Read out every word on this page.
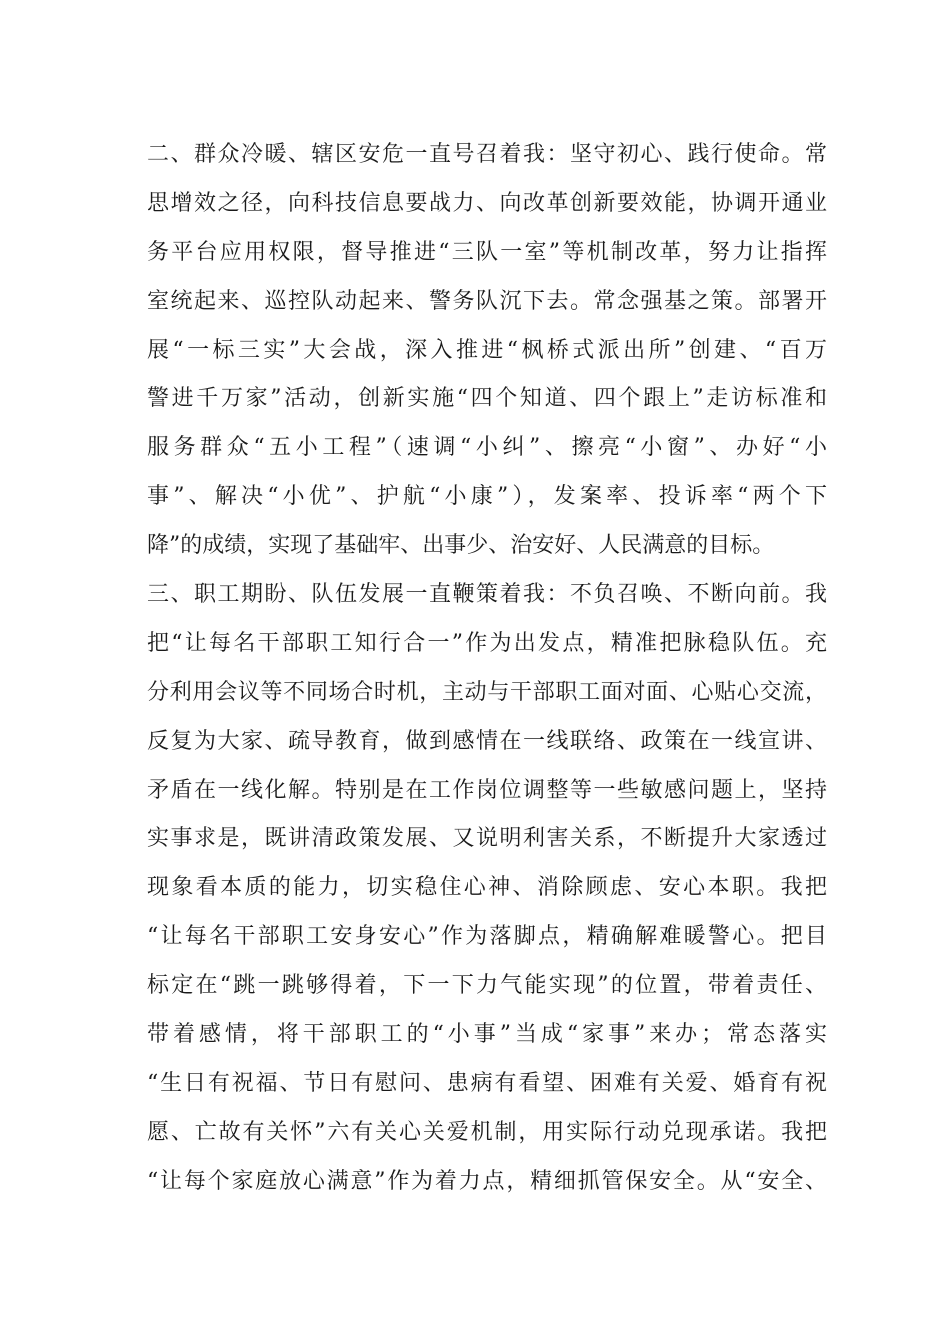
二、群众冷暖、辖区安危一直号召着我：坚守初心、践行使命。常
思增效之径，向科技信息要战力、向改革创新要效能，协调开通业
务平台应用权限，督导推进“三队一室”等机制改革，努力让指挥
室统起来、巡控队动起来、警务队沉下去。常念强基之策。部署开
展“一标三实”大会战，深入推进“枫桥式派出所”创建、“百万
警进千万家”活动，创新实施“四个知道、四个跟上”走访标准和
服务群众“五小工程”（速调“小纠”、擦亮“小窗”、办好“小
事”、解决“小优”、护航“小康”），发案率、投诉率“两个下
降”的成绩，实现了基础牢、出事少、治安好、人民满意的目标。
三、职工期盼、队伍发展一直鞭策着我：不负召唤、不断向前。我
把“让每名干部职工知行合一”作为出发点，精准把脉稳队伍。充
分利用会议等不同场合时机，主动与干部职工面对面、心贴心交流，
反复为大家、疏导教育，做到感情在一线联络、政策在一线宣讲、
矛盾在一线化解。特别是在工作岗位调整等一些敏感问题上，坚持
实事求是，既讲清政策发展、又说明利害关系，不断提升大家透过
现象看本质的能力，切实稳住心神、消除顾虑、安心本职。我把
“让每名干部职工安身安心”作为落脚点，精确解难暖警心。把目
标定在“跳一跳够得着，下一下力气能实现”的位置，带着责任、
带着感情，将干部职工的“小事”当成“家事”来办；常态落实
“生日有祝福、节日有慰问、患病有看望、困难有关爱、婚育有祝
愿、亡故有关怀”六有关心关爱机制，用实际行动兑现承诺。我把
“让每个家庭放心满意”作为着力点，精细抓管保安全。从“安全、
